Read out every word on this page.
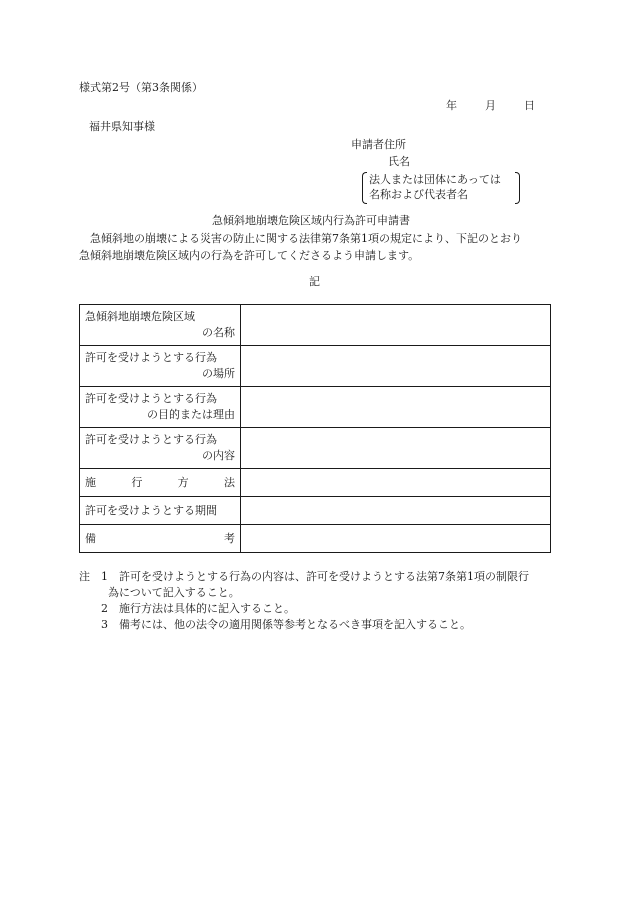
様式第2号（第3条関係）
年	月	日
福井県知事様
申請者住所
氏名
法人または団体にあっては
名称および代表者名
急傾斜地崩壊危険区域内行為許可申請書

急傾斜地の崩壊による災害の防止に関する法律第7条第1項の規定により、下記のとおり

急傾斜地崩壊危険区域内の行為を許可してくださるよう申請します。

記
急傾斜地崩壊危険区域
の名称	

許可を受けようとする行為
の場所	

許可を受けようとする行為
の目的または理由	

許可を受けようとする行為
の内容	

施 行 方 法	

許可を受けようとする期間	

備 考	

注 1 許可を受けようとする行為の内容は、許可を受けようとする法第7条第1項の制限行
為について記入すること。
2 施行方法は具体的に記入すること。
3 備考には、他の法令の適用関係等参考となるべき事項を記入すること。
